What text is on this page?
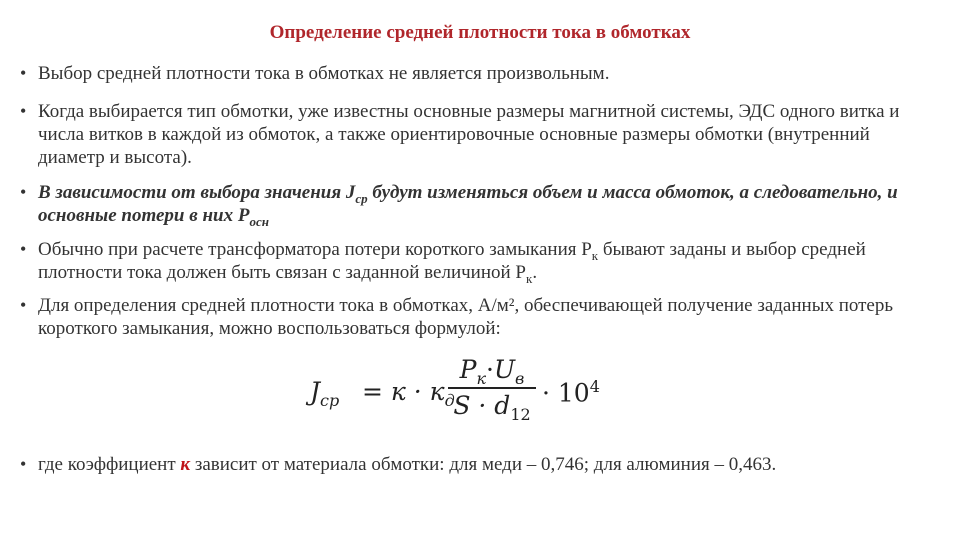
Определение средней плотности тока в обмотках
• Выбор средней плотности тока в обмотках не является произвольным.
• Когда выбирается тип обмотки, уже известны основные размеры магнитной системы, ЭДС одного витка и числа витков в каждой из обмоток, а также ориентировочные основные размеры обмотки (внутренний диаметр и высота).
• В зависимости от выбора значения $J_{ср}$ будут изменяться объем и масса обмоток, а следовательно, и основные потери в них $P_{осн}$
• Обычно при расчете трансформатора потери короткого замыкания $P_к$ бывают заданы и выбор средней плотности тока должен быть связан с заданной величиной $P_к$.
• Для определения средней плотности тока в обмотках, А/м², обеспечивающей получение заданных потерь короткого замыкания, можно воспользоваться формулой:
• где коэффициент к зависит от материала обмотки: для меди – 0,746; для алюминия – 0,463.
$J_{ср} = к \cdot к_д$
$P_к\cdot U_в$
$S \cdot d_{12}$
· $10^4$
